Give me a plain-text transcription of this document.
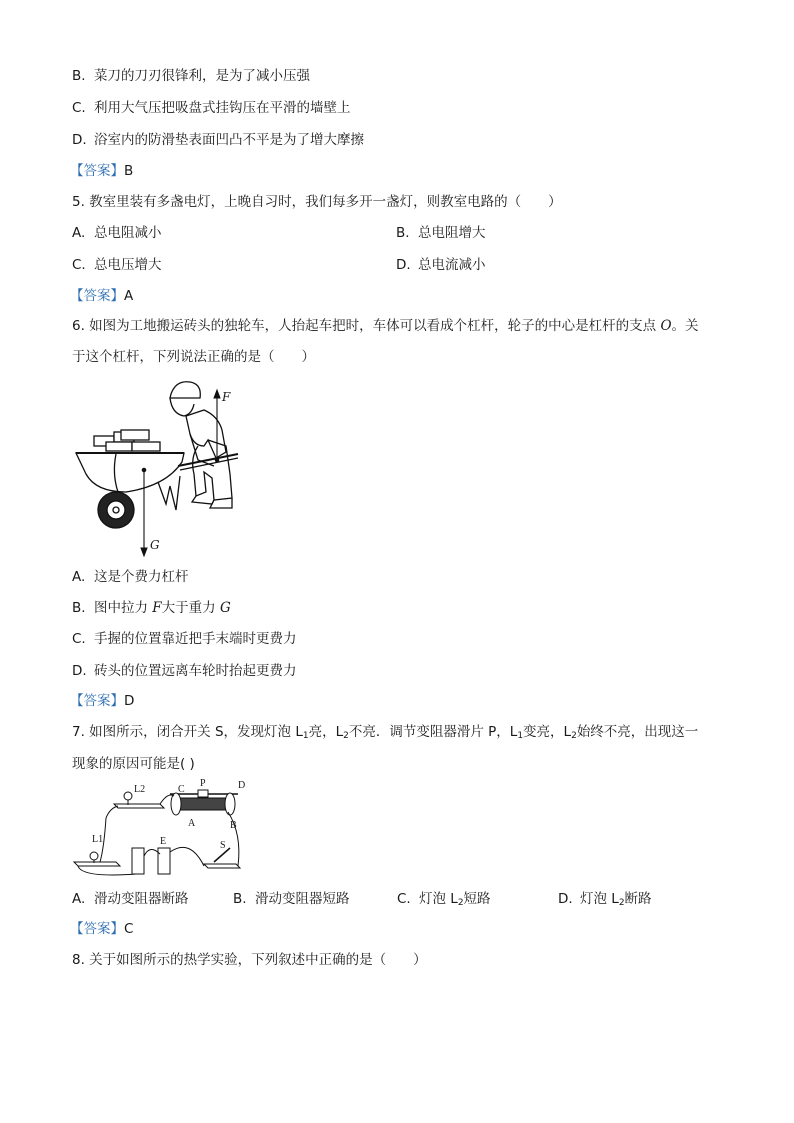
B. 菜刀的刀刃很锋利，是为了减小压强
C. 利用大气压把吸盘式挂钩压在平滑的墙壁上
D. 浴室内的防滑垫表面凹凸不平是为了增大摩擦
【答案】B
5. 教室里装有多盏电灯，上晚自习时，我们每多开一盏灯，则教室电路的（　　）
A. 总电阻减小	B. 总电阻增大
C. 总电压增大	D. 总电流减小
【答案】A
6. 如图为工地搬运砖头的独轮车，人抬起车把时，车体可以看成个杠杆，轮子的中心是杠杆的支点 O。关
于这个杠杆，下列说法正确的是（　　）
F
G
A. 这是个费力杠杆
B. 图中拉力 F大于重力 G
C. 手握的位置靠近把手末端时更费力
D. 砖头的位置远离车轮时抬起更费力
【答案】D
7. 如图所示，闭合开关 S，发现灯泡 $L_1$亮，$L_2$不亮．调节变阻器滑片 P，$L_1$变亮，$L_2$始终不亮，出现这一
现象的原因可能是( )
L1
L2	C
P	D
A	B
E	S
A. 滑动变阻器断路	B. 滑动变阻器短路	C. 灯泡 $L_2$短路	D. 灯泡 $L_2$断路
【答案】C
8. 关于如图所示的热学实验，下列叙述中正确的是（　　）
